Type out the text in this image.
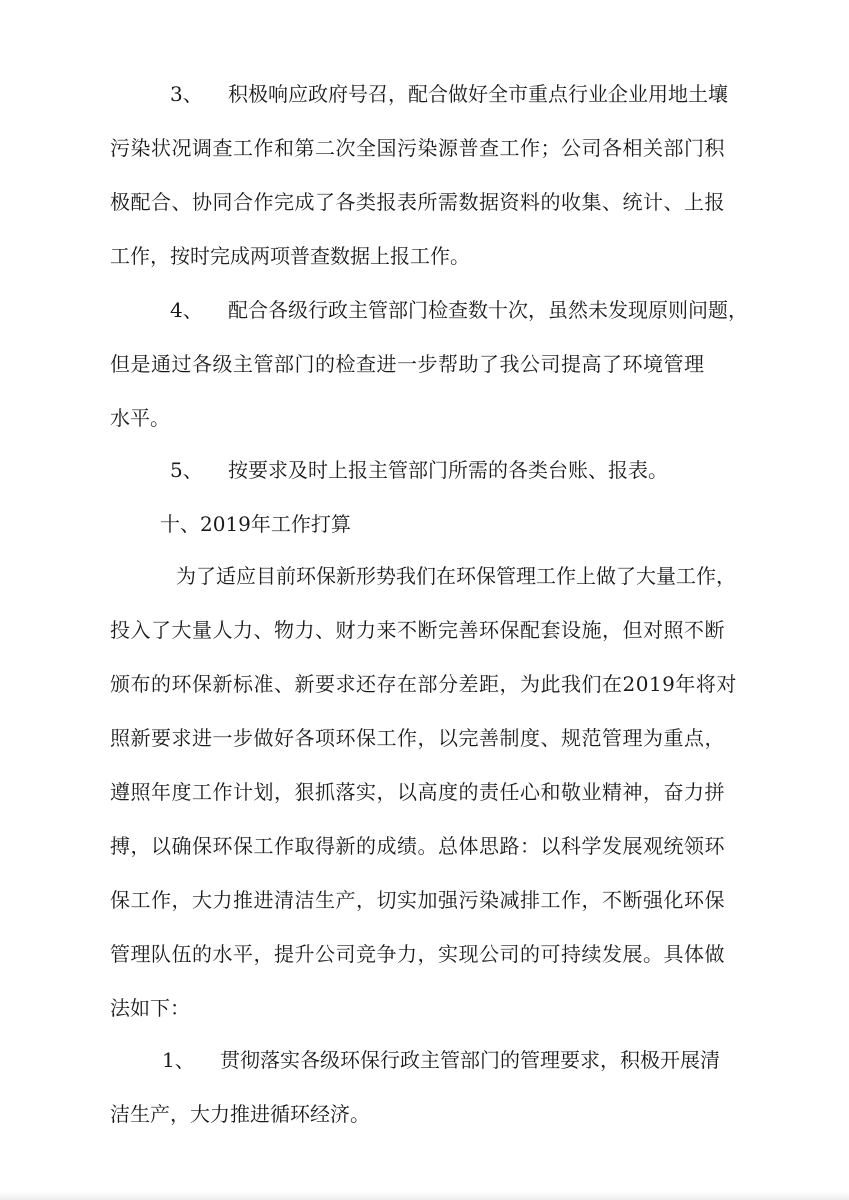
3、 积极响应政府号召，配合做好全市重点行业企业用地土壤
污染状况调查工作和第二次全国污染源普查工作；公司各相关部门积
极配合、协同合作完成了各类报表所需数据资料的收集、统计、上报
工作，按时完成两项普查数据上报工作。
4、 配合各级行政主管部门检查数十次，虽然未发现原则问题，
但是通过各级主管部门的检查进一步帮助了我公司提高了环境管理
水平。
5、 按要求及时上报主管部门所需的各类台账、报表。
十、2019年工作打算
为了适应目前环保新形势我们在环保管理工作上做了大量工作，
投入了大量人力、物力、财力来不断完善环保配套设施，但对照不断
颁布的环保新标准、新要求还存在部分差距，为此我们在2019年将对
照新要求进一步做好各项环保工作，以完善制度、规范管理为重点，
遵照年度工作计划，狠抓落实，以高度的责任心和敬业精神，奋力拼
搏，以确保环保工作取得新的成绩。总体思路：以科学发展观统领环
保工作，大力推进清洁生产，切实加强污染减排工作，不断强化环保
管理队伍的水平，提升公司竞争力，实现公司的可持续发展。具体做
法如下：
1、 贯彻落实各级环保行政主管部门的管理要求，积极开展清
洁生产，大力推进循环经济。
